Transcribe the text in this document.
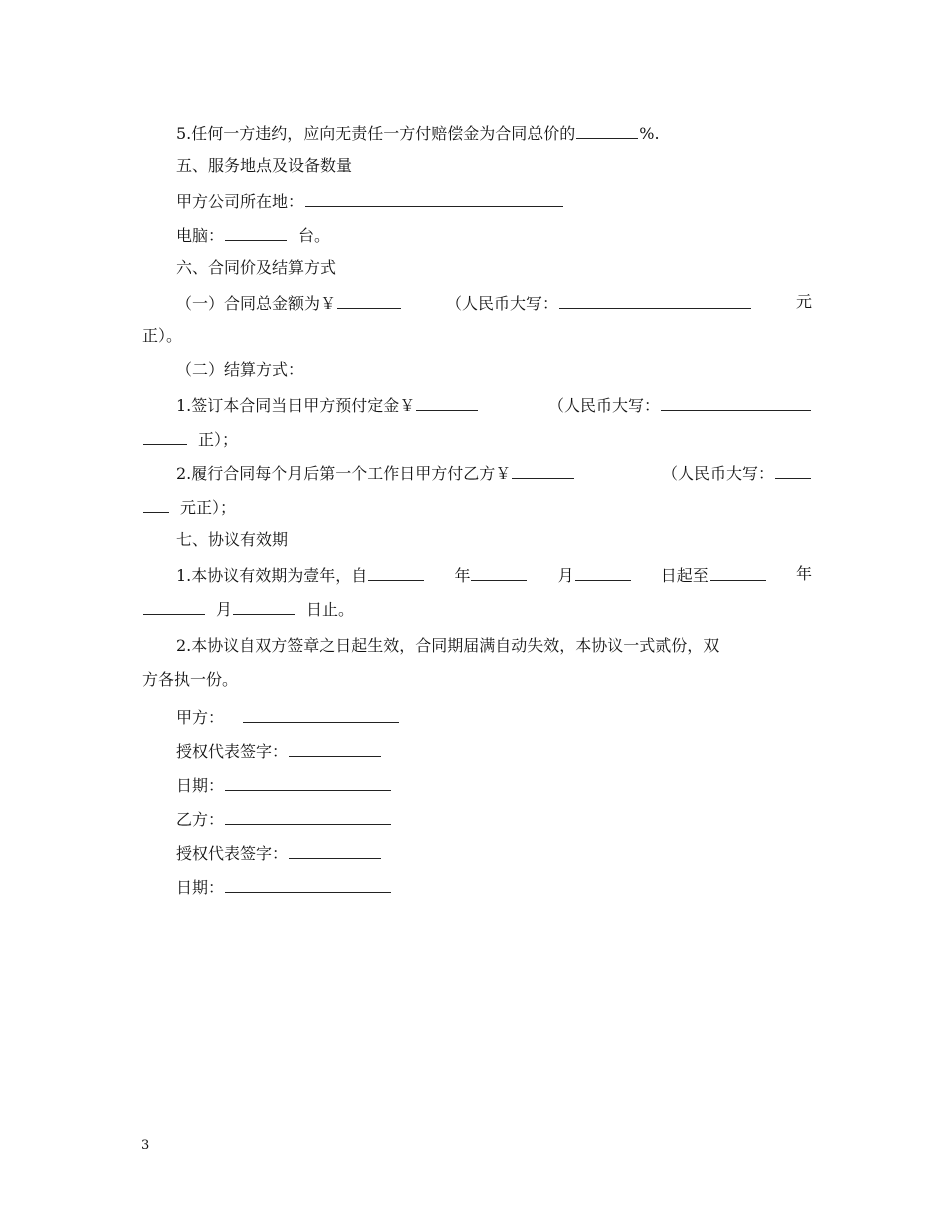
5.任何一方违约，应向无责任一方付赔偿金为合同总价的	%.
五、服务地点及设备数量
甲方公司所在地：
电脑：	台。
六、合同价及结算方式
（一）合同总金额为￥	（人民币大写：	元
正）。
（二）结算方式：
1.签订本合同当日甲方预付定金￥	（人民币大写：
正）；
2.履行合同每个月后第一个工作日甲方付乙方￥	（人民币大写：
元正）；
七、协议有效期
1.本协议有效期为壹年，自	年	月	日起至	年
月	日止。
2.本协议自双方签章之日起生效，合同期届满自动失效，本协议一式贰份，双
方各执一份。
甲方：
授权代表签字：
日期：
乙方：
授权代表签字：
日期：
3
